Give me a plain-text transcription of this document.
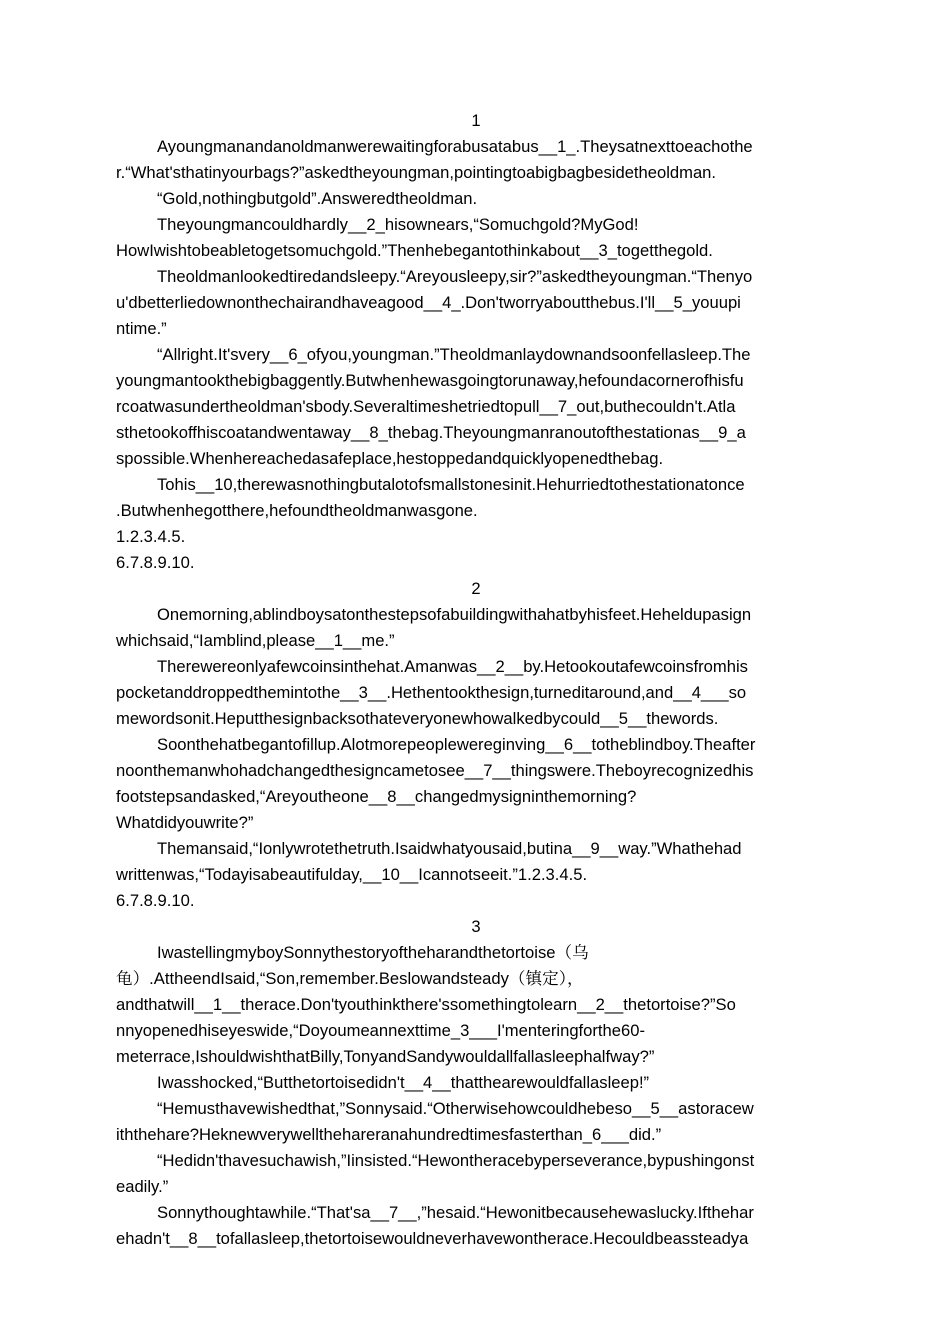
1
Ayoungmanandanoldmanwerewaitingforabusatabus__1_.Theysatnexttoeachothe
r.“What'sthatinyourbags?”askedtheyoungman,pointingtoabigbagbesidetheoldman.
“Gold,nothingbutgold”.Answeredtheoldman.
Theyoungmancouldhardly__2_hisownears,“Somuchgold?MyGod!
HowIwishtobeabletogetsomuchgold.”Thenhebegantothinkabout__3_togetthegold.
Theoldmanlookedtiredandsleepy.“Areyousleepy,sir?”askedtheyoungman.“Thenyo
u'dbetterliedownonthechairandhaveagood__4_.Don'tworryaboutthebus.I'll__5_youupi
ntime.”
“Allright.It'svery__6_ofyou,youngman.”Theoldmanlaydownandsoonfellasleep.The
youngmantookthebigbaggently.Butwhenhewasgoingtorunaway,hefoundacornerofhisfu
rcoatwasundertheoldman'sbody.Severaltimeshetriedtopull__7_out,buthecouldn't.Atla
sthetookoffhiscoatandwentaway__8_thebag.Theyoungmanranoutofthestationas__9_a
spossible.Whenhereachedasafeplace,hestoppedandquicklyopenedthebag.
Tohis__10,therewasnothingbutalotofsmallstonesinit.Hehurriedtothestationatonce
.Butwhenhegotthere,hefoundtheoldmanwasgone.
1.2.3.4.5.
6.7.8.9.10.
2
Onemorning,ablindboysatonthestepsofabuildingwithahatbyhisfeet.Heheldupasign
whichsaid,“Iamblind,please__1__me.”
Therewereonlyafewcoinsinthehat.Amanwas__2__by.Hetookoutafewcoinsfromhis
pocketanddroppedthemintothe__3__.Hethentookthesign,turneditaround,and__4___so
mewordsonit.Heputthesignbacksothateveryonewhowalkedbycould__5__thewords.
Soonthehatbegantofillup.Alotmorepeoplewereginving__6__totheblindboy.Theafter
noonthemanwhohadchangedthesigncametosee__7__thingswere.Theboyrecognizedhis
footstepsandasked,“Areyoutheone__8__changedmysigninthemorning?
Whatdidyouwrite?”
Themansaid,“Ionlywrotethetruth.Isaidwhatyousaid,butina__9__way.”Whathehad
writtenwas,“Todayisabeautifulday,__10__Icannotseeit.”1.2.3.4.5.
6.7.8.9.10.
3
IwastellingmyboySonnythestoryoftheharandthetortoise（乌
龟）.AttheendIsaid,“Son,remember.Beslowandsteady（镇定），
andthatwill__1__therace.Don'tyouthinkthere'ssomethingtolearn__2__thetortoise?”So
nnyopenedhiseyeswide,“Doyoumeannexttime_3___I'menteringforthe60-
meterrace,IshouldwishthatBilly,TonyandSandywouldallfallasleephalfway?”
Iwasshocked,“Butthetortoisedidn't__4__thatthearewouldfallasleep!”
“Hemusthavewishedthat,”Sonnysaid.“Otherwisehowcouldhebeso__5__astoracew
iththehare?Heknewverywellthehareranahundredtimesfasterthan_6___did.”
“Hedidn'thavesuchawish,”Iinsisted.“Hewontheracebyperseverance,bypushingonst
eadily.”
Sonnythoughtawhile.“That'sa__7__,”hesaid.“Hewonitbecausehewaslucky.Ifthehar
ehadn't__8__tofallasleep,thetortoisewouldneverhavewontherace.Hecouldbeassteadya
